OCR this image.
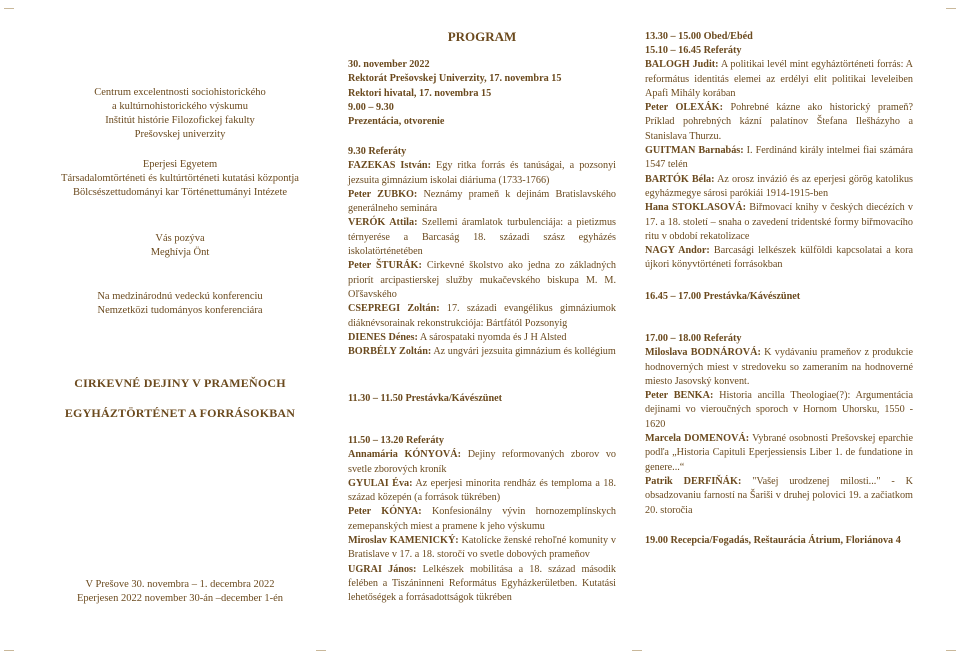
Centrum excelentnosti sociohistorického
a kultúrnohistorického výskumu
Inštitút histórie Filozofickej fakulty
Prešovskej univerzity
Eperjesi Egyetem
Társadalomtörténeti és kultúrtörténeti kutatási központja
Bölcsészettudományi kar Történettumányi Intézete
Vás pozýva
Meghívja Önt
Na medzinárodnú vedeckú konferenciu
Nemzetközi tudományos konferenciára
CIRKEVNÉ DEJINY V PRAMEŇOCH
EGYHÁZTÖRTÉNET A FORRÁSOKBAN
V Prešove 30. novembra – 1. decembra 2022
Eperjesen 2022 november 30-án –december 1-én
PROGRAM
30. november 2022
Rektorát Prešovskej Univerzity, 17. novembra 15
Rektori hivatal, 17. novembra 15
9.00 – 9.30
Prezentácia, otvorenie
9.30 Referáty

FAZEKAS István: Egy ritka forrás és tanúságai, a pozsonyi jezsuita gimnázium iskolai diáriuma (1733-1766)

Peter ZUBKO: Neznámy prameň k dejinám Bratislavského generálneho seminára

VERÓK Attila: Szellemi áramlatok turbulenciája: a pietizmus térnyerése a Barcaság 18. századi szász egyházés iskolatörténetében

Peter ŠTURÁK: Cirkevné školstvo ako jedna zo základných priorít arcipastierskej služby mukačevského biskupa M. M. Oľšavského

CSEPREGI Zoltán: 17. századi evangélikus gimnáziumok diáknévsorainak rekonstrukciója: Bártfától Pozsonyig

DIENES Dénes: A sárospataki nyomda és J H Alsted

BORBÉLY Zoltán: Az ungvári jezsuita gimnázium és kollégium

11.30 – 11.50 Prestávka/Kávészünet
11.50 – 13.20 Referáty

Annamária KÓNYOVÁ: Dejiny reformovaných zborov vo svetle zborových kroník

GYULAI Éva: Az eperjesi minorita rendház és templomа a 18. század közepén (a források tükrében)

Peter KÓNYA: Konfesionálny vývin hornozemplínskych zemepanských miest a pramene k jeho výskumu

Miroslav KAMENICKÝ: Katolícke ženské rehoľné komunity v Bratislave v 17. a 18. storočí vo svetle dobových prameňov

UGRAI János: Lelkészek mobilitása a 18. század második felében a Tiszáninneni Református Egyházkerületben. Kutatási lehetőségek a forrásadottságok tükrében

13.30 – 15.00 Obed/Ebéd
15.10 – 16.45 Referáty

BALOGH Judit: A politikai levél mint egyháztörténeti forrás: A református identitás elemei az erdélyi elit politikai leveleiben Apafi Mihály korában

Peter OLEXÁK: Pohrebné kázne ako historický prameň? Príklad pohrebných kázní palatínov Štefana Ilešházyho a Stanislava Thurzu.

GUITMAN Barnabás: I. Ferdinánd király intelmei fiai számára 1547 telén

BARTÓK Béla: Az orosz invázió és az eperjesi görög katolikus egyházmegye sárosi parókiái 1914-1915-ben

Hana STOKLASOVÁ: Biřmovací knihy v českých diecézích v 17. a 18. století – snaha o zavedení tridentské formy biřmovacího ritu v období rekatolizace

NAGY Andor: Barcasági lelkészek külföldi kapcsolatai a kora újkori könyvtörténeti forrásokban

16.45 – 17.00 Prestávka/Kávészünet
17.00 – 18.00 Referáty

Miloslava BODNÁROVÁ: K vydávaniu prameňov z produkcie hodnoverných miest v stredoveku so zameraním na hodnoverné miesto Jasovský konvent.

Peter BENKA: Historia ancilla Theologiae(?): Argumentácia dejinami vo vieroučných sporoch v Hornom Uhorsku, 1550 - 1620

Marcela DOMENOVÁ: Vybrané osobnosti Prešovskej eparchie podľa „Historia Capituli Eperjessiensis Liber 1. de fundatione in genere...“

Patrik DERFIŇÁK: "Vašej urodzenej milosti..." - K obsadzovaniu farností na Šariši v druhej polovici 19. a začiatkom 20. storočia

19.00 Recepcia/Fogadás, Reštaurácia Átrium, Floriánova 4
